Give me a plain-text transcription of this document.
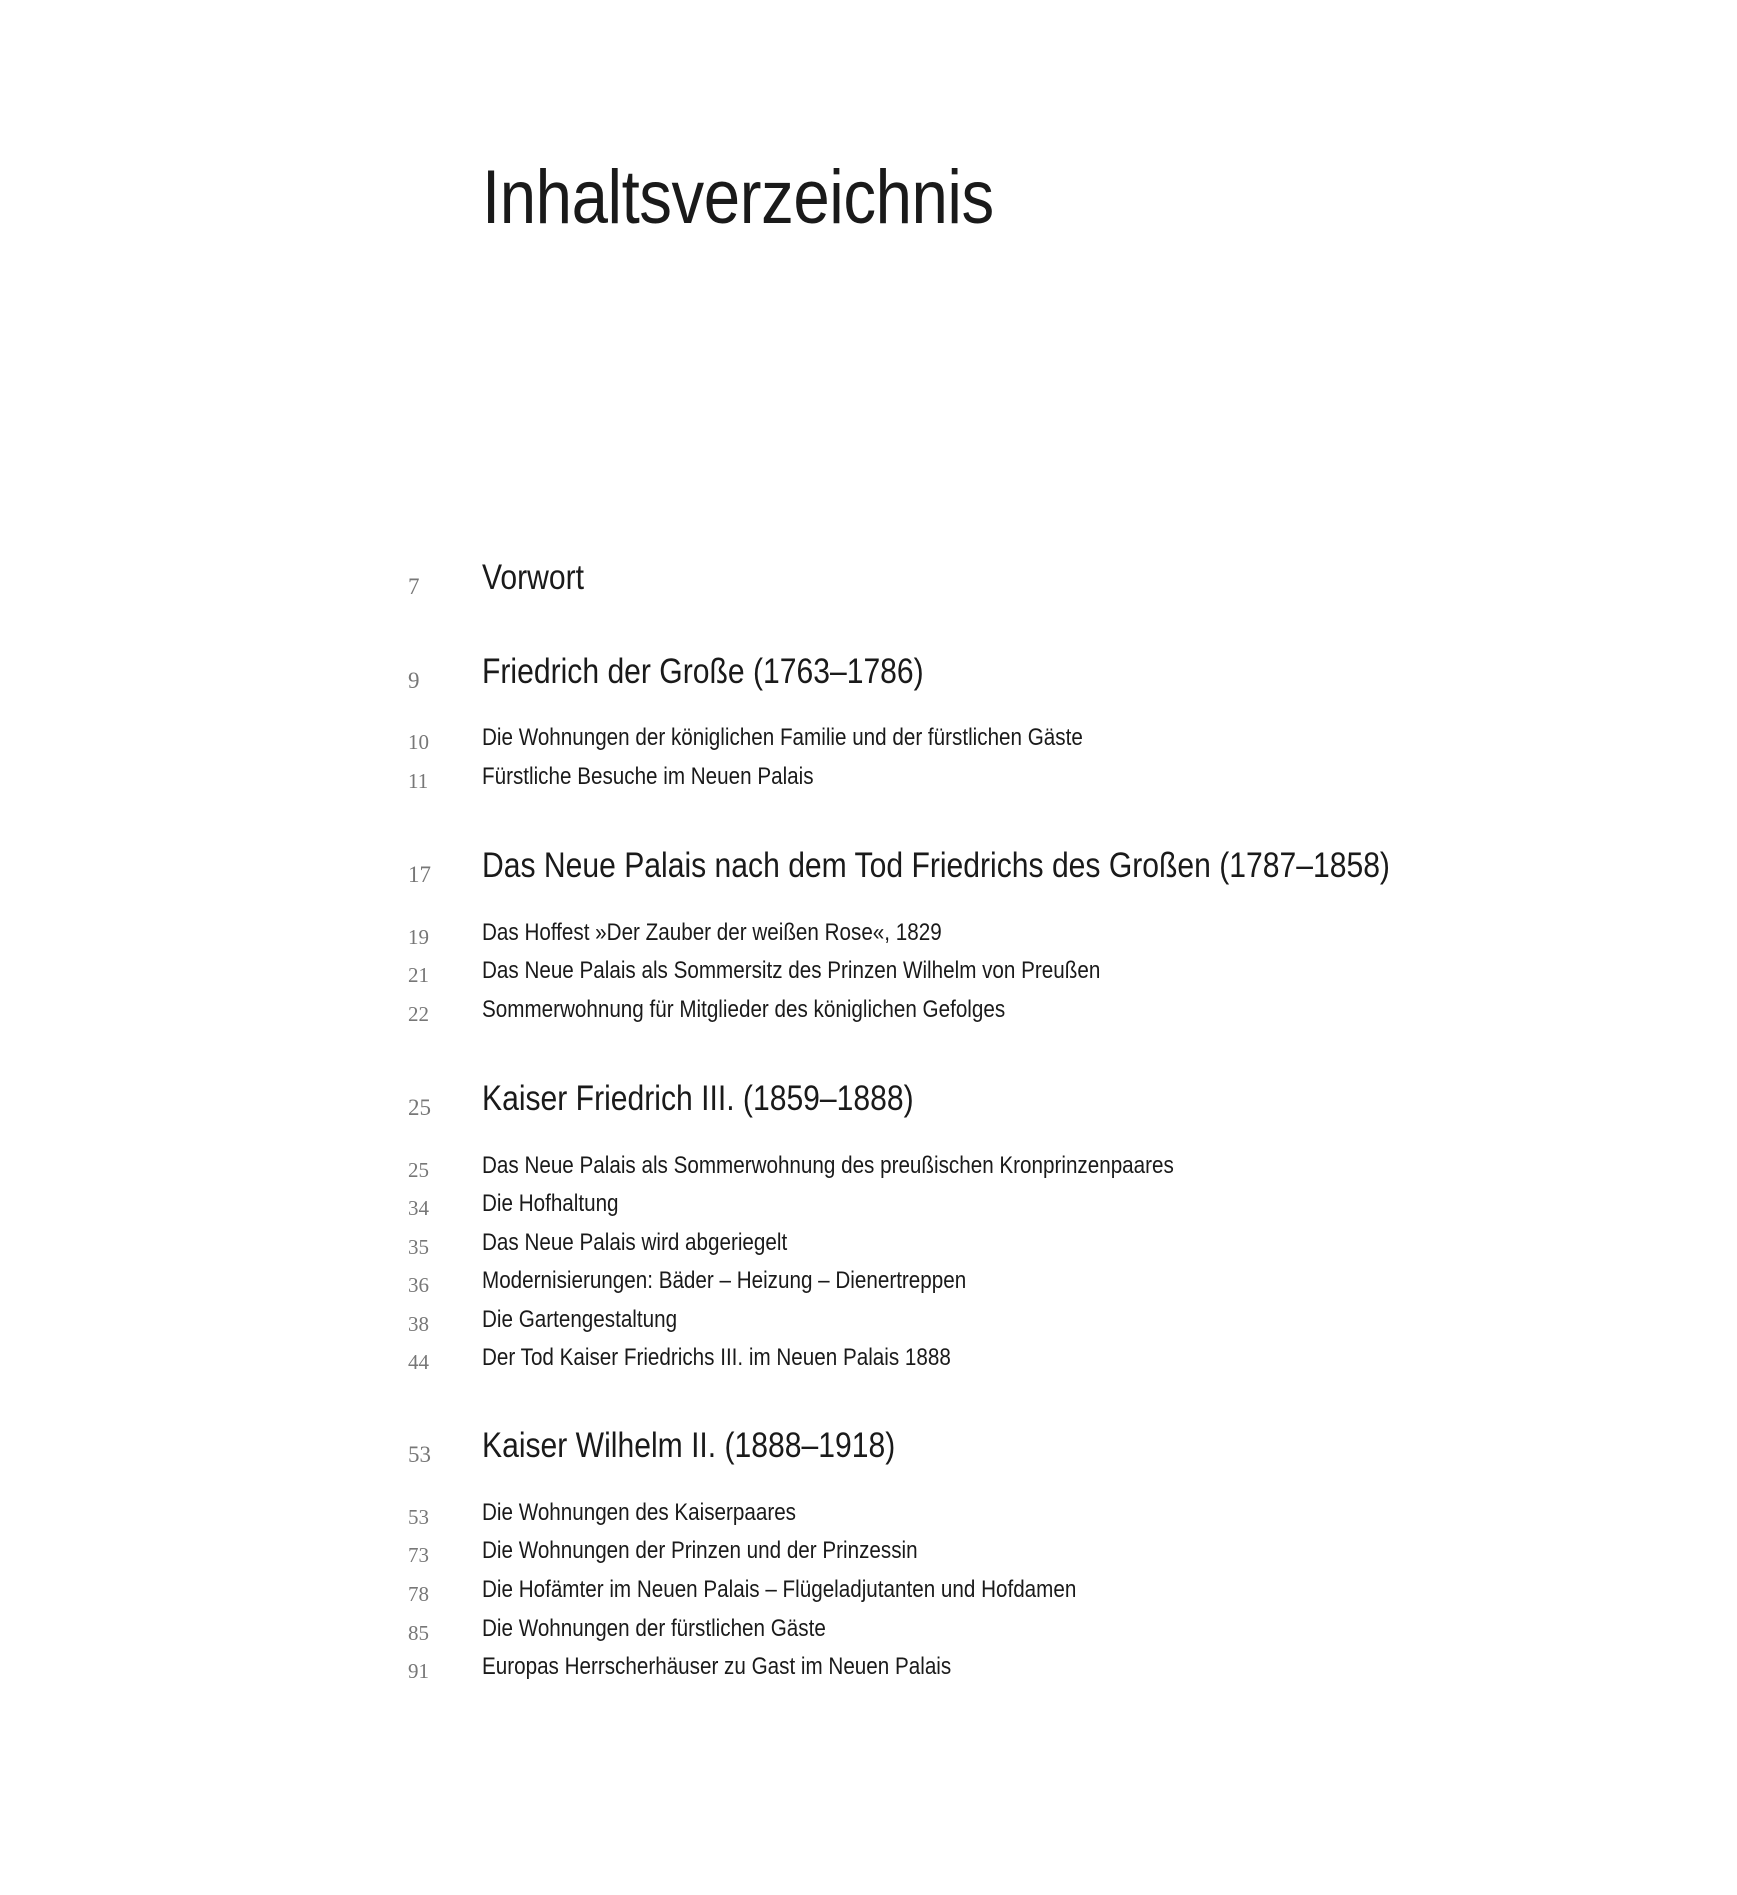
Inhaltsverzeichnis
7	Vorwort
9	Friedrich der Große (1763–1786)
10	Die Wohnungen der königlichen Familie und der fürstlichen Gäste
11	Fürstliche Besuche im Neuen Palais
17	Das Neue Palais nach dem Tod Friedrichs des Großen (1787–1858)
19	Das Hoffest »Der Zauber der weißen Rose«, 1829
21	Das Neue Palais als Sommersitz des Prinzen Wilhelm von Preußen
22	Sommerwohnung für Mitglieder des königlichen Gefolges
25	Kaiser Friedrich III. (1859–1888)
25	Das Neue Palais als Sommerwohnung des preußischen Kronprinzenpaares
34	Die Hofhaltung
35	Das Neue Palais wird abgeriegelt
36	Modernisierungen: Bäder – Heizung – Dienertreppen
38	Die Gartengestaltung
44	Der Tod Kaiser Friedrichs III. im Neuen Palais 1888
53	Kaiser Wilhelm II. (1888–1918)
53	Die Wohnungen des Kaiserpaares
73	Die Wohnungen der Prinzen und der Prinzessin
78	Die Hofämter im Neuen Palais – Flügeladjutanten und Hofdamen
85	Die Wohnungen der fürstlichen Gäste
91	Europas Herrscherhäuser zu Gast im Neuen Palais
